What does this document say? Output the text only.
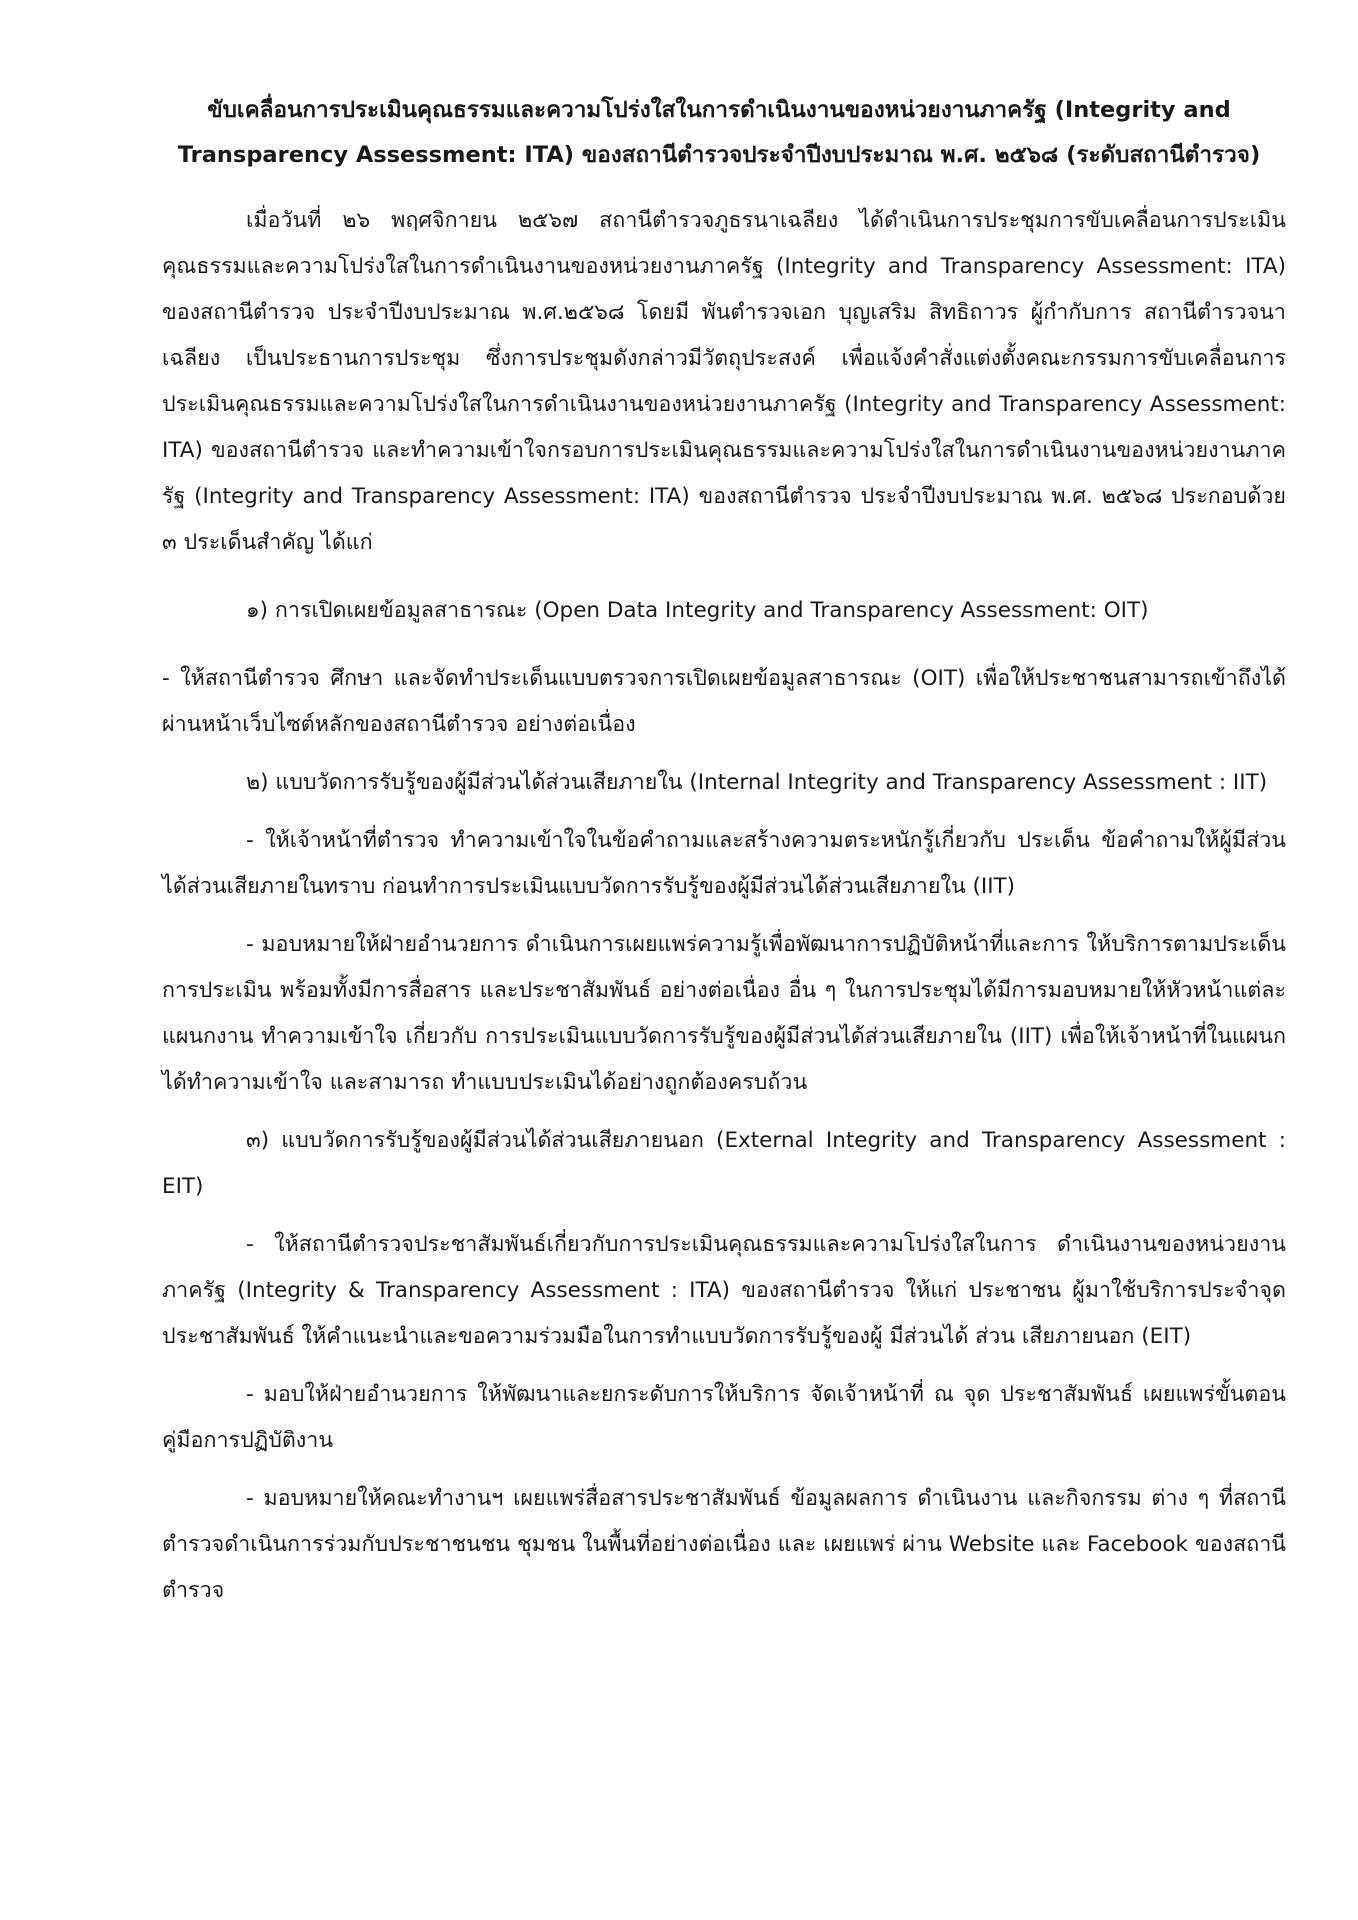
ขับเคลื่อนการประเมินคุณธรรมและความโปร่งใสในการดำเนินงานของหน่วยงานภาครัฐ (Integrity and
Transparency Assessment: ITA) ของสถานีตำรวจประจำปีงบประมาณ พ.ศ. ๒๕๖๘ (ระดับสถานีตำรวจ)

เมื่อวันที่ ๒๖ พฤศจิกายน ๒๕๖๗ สถานีตำรวจภูธรนาเฉลียง ได้ดำเนินการประชุมการขับเคลื่อนการประเมินคุณธรรมและความโปร่งใสในการดำเนินงานของหน่วยงานภาครัฐ (Integrity and Transparency Assessment: ITA) ของสถานีตำรวจ ประจำปีงบประมาณ พ.ศ.๒๕๖๘ โดยมี พันตำรวจเอก บุญเสริม สิทธิถาวร ผู้กำกับการ สถานีตำรวจนาเฉลียง เป็นประธานการประชุม ซึ่งการประชุมดังกล่าวมีวัตถุประสงค์ เพื่อแจ้งคำสั่งแต่งตั้งคณะกรรมการขับเคลื่อนการประเมินคุณธรรมและความโปร่งใสในการดำเนินงานของหน่วยงานภาครัฐ (Integrity and Transparency Assessment: ITA) ของสถานีตำรวจ และทำความเข้าใจกรอบการประเมินคุณธรรมและความโปร่งใสในการดำเนินงานของหน่วยงานภาครัฐ (Integrity and Transparency Assessment: ITA) ของสถานีตำรวจ ประจำปีงบประมาณ พ.ศ. ๒๕๖๘ ประกอบด้วย ๓ ประเด็นสำคัญ ได้แก่

๑) การเปิดเผยข้อมูลสาธารณะ (Open Data Integrity and Transparency Assessment: OIT)

- ให้สถานีตำรวจ ศึกษา และจัดทำประเด็นแบบตรวจการเปิดเผยข้อมูลสาธารณะ (OIT) เพื่อให้ประชาชนสามารถเข้าถึงได้ผ่านหน้าเว็บไซต์หลักของสถานีตำรวจ อย่างต่อเนื่อง

๒) แบบวัดการรับรู้ของผู้มีส่วนได้ส่วนเสียภายใน (Internal Integrity and Transparency Assessment : IIT)

- ให้เจ้าหน้าที่ตำรวจ ทำความเข้าใจในข้อคำถามและสร้างความตระหนักรู้เกี่ยวกับ ประเด็น ข้อคำถามให้ผู้มีส่วนได้ส่วนเสียภายในทราบ ก่อนทำการประเมินแบบวัดการรับรู้ของผู้มีส่วนได้ส่วนเสียภายใน (IIT)

- มอบหมายให้ฝ่ายอำนวยการ ดำเนินการเผยแพร่ความรู้เพื่อพัฒนาการปฏิบัติหน้าที่และการ ให้บริการตามประเด็นการประเมิน พร้อมทั้งมีการสื่อสาร และประชาสัมพันธ์ อย่างต่อเนื่อง อื่น ๆ ในการประชุมได้มีการมอบหมายให้หัวหน้าแต่ละแผนกงาน ทำความเข้าใจ เกี่ยวกับ การประเมินแบบวัดการรับรู้ของผู้มีส่วนได้ส่วนเสียภายใน (IIT) เพื่อให้เจ้าหน้าที่ในแผนกได้ทำความเข้าใจ และสามารถ ทำแบบประเมินได้อย่างถูกต้องครบถ้วน

๓) แบบวัดการรับรู้ของผู้มีส่วนได้ส่วนเสียภายนอก (External Integrity and Transparency Assessment : EIT)

- ให้สถานีตำรวจประชาสัมพันธ์เกี่ยวกับการประเมินคุณธรรมและความโปร่งใสในการ ดำเนินงานของหน่วยงานภาครัฐ (Integrity & Transparency Assessment : ITA) ของสถานีตำรวจ ให้แก่ ประชาชน ผู้มาใช้บริการประจำจุดประชาสัมพันธ์ ให้คำแนะนำและขอความร่วมมือในการทำแบบวัดการรับรู้ของผู้ มีส่วนได้ ส่วน เสียภายนอก (EIT)

- มอบให้ฝ่ายอำนวยการ ให้พัฒนาและยกระดับการให้บริการ จัดเจ้าหน้าที่ ณ จุด ประชาสัมพันธ์ เผยแพร่ขั้นตอน คู่มือการปฏิบัติงาน

- มอบหมายให้คณะทำงานฯ เผยแพร่สื่อสารประชาสัมพันธ์ ข้อมูลผลการ ดำเนินงาน และกิจกรรม ต่าง ๆ ที่สถานีตำรวจดำเนินการร่วมกับประชาชนชน ชุมชน ในพื้นที่อย่างต่อเนื่อง และ เผยแพร่ ผ่าน Website และ Facebook ของสถานีตำรวจ
